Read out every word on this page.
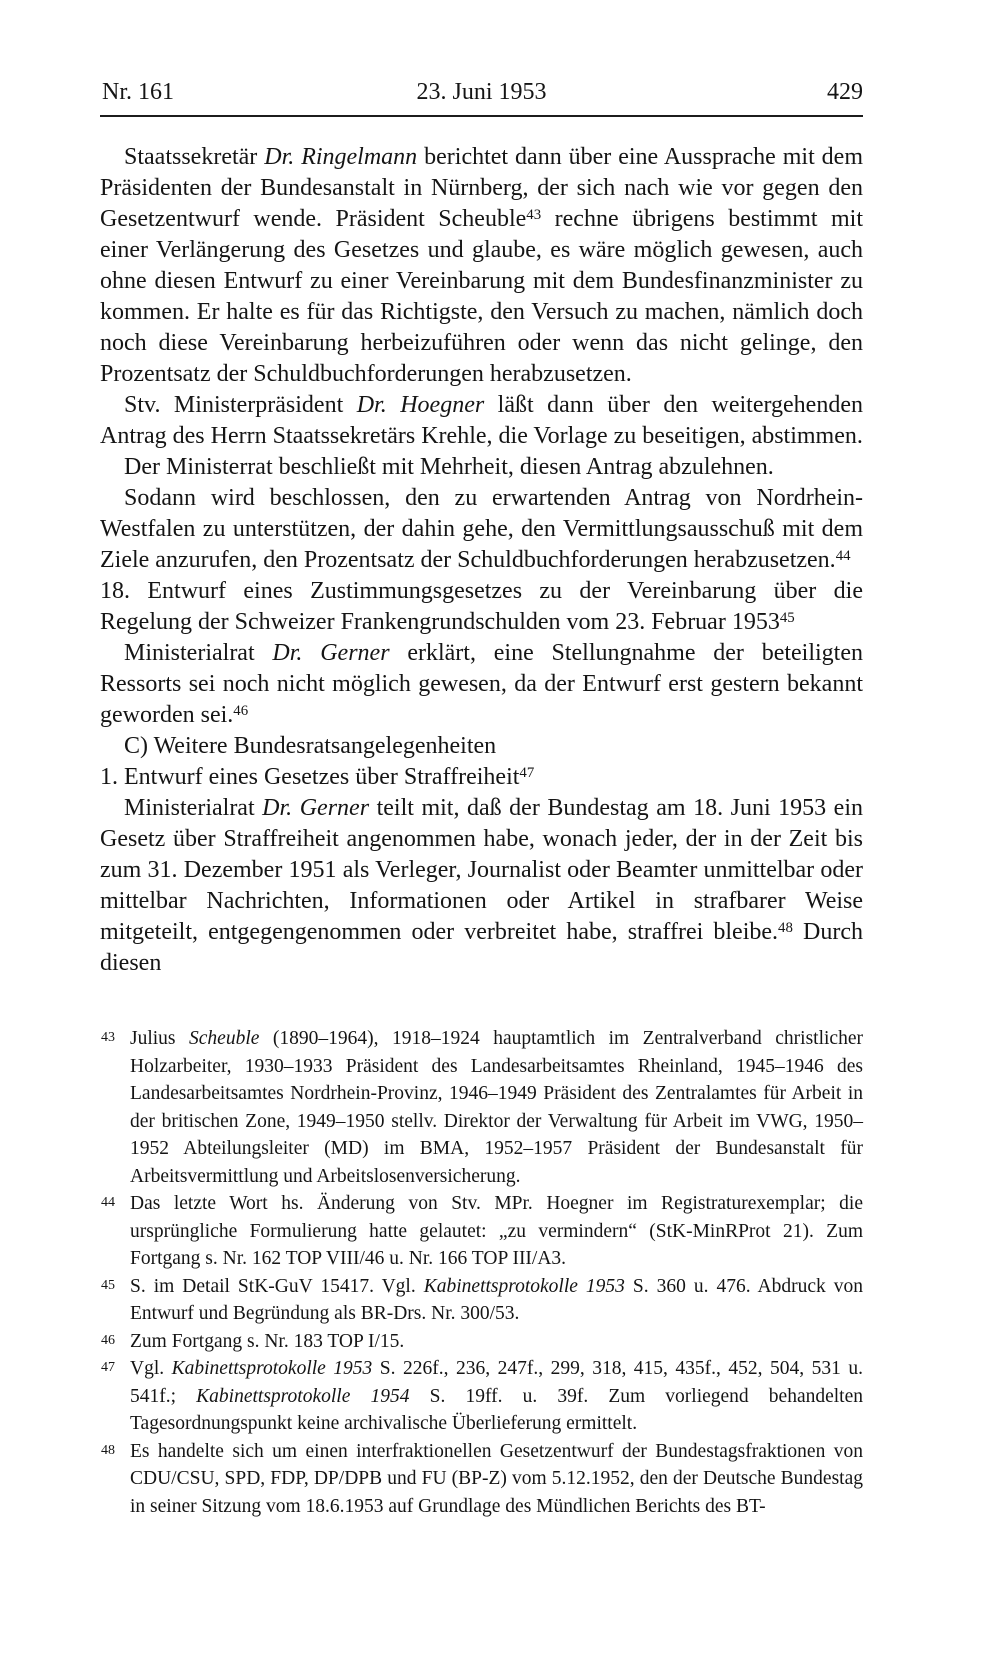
Nr. 161	23. Juni 1953	429

Staatssekretär Dr. Ringelmann berichtet dann über eine Aussprache mit dem Präsidenten der Bundesanstalt in Nürnberg, der sich nach wie vor gegen den Gesetzentwurf wende. Präsident Scheuble$^{43}$ rechne übrigens bestimmt mit einer Verlängerung des Gesetzes und glaube, es wäre möglich gewesen, auch ohne diesen Entwurf zu einer Vereinbarung mit dem Bundesfinanzminister zu kommen. Er halte es für das Richtigste, den Versuch zu machen, nämlich doch noch diese Vereinbarung herbeizuführen oder wenn das nicht gelinge, den Prozentsatz der Schuldbuchforderungen herabzusetzen.

Stv. Ministerpräsident Dr. Hoegner läßt dann über den weitergehenden Antrag des Herrn Staatssekretärs Krehle, die Vorlage zu beseitigen, abstimmen.

Der Ministerrat beschließt mit Mehrheit, diesen Antrag abzulehnen.

Sodann wird beschlossen, den zu erwartenden Antrag von Nordrhein-Westfalen zu unterstützen, der dahin gehe, den Vermittlungsausschuß mit dem Ziele anzurufen, den Prozentsatz der Schuldbuchforderungen herabzusetzen.$^{44}$

18. Entwurf eines Zustimmungsgesetzes zu der Vereinbarung über die Regelung der Schweizer Frankengrundschulden vom 23. Februar 1953$^{45}$

Ministerialrat Dr. Gerner erklärt, eine Stellungnahme der beteiligten Ressorts sei noch nicht möglich gewesen, da der Entwurf erst gestern bekannt geworden sei.$^{46}$

C) Weitere Bundesratsangelegenheiten

1. Entwurf eines Gesetzes über Straffreiheit$^{47}$

Ministerialrat Dr. Gerner teilt mit, daß der Bundestag am 18. Juni 1953 ein Gesetz über Straffreiheit angenommen habe, wonach jeder, der in der Zeit bis zum 31. Dezember 1951 als Verleger, Journalist oder Beamter unmittelbar oder mittelbar Nachrichten, Informationen oder Artikel in strafbarer Weise mitgeteilt, entgegengenommen oder verbreitet habe, straffrei bleibe.$^{48}$ Durch diesen

43 Julius Scheuble (1890–1964), 1918–1924 hauptamtlich im Zentralverband christlicher Holzarbeiter, 1930–1933 Präsident des Landesarbeitsamtes Rheinland, 1945–1946 des Landesarbeitsamtes Nordrhein-Provinz, 1946–1949 Präsident des Zentralamtes für Arbeit in der britischen Zone, 1949–1950 stellv. Direktor der Verwaltung für Arbeit im VWG, 1950–1952 Abteilungsleiter (MD) im BMA, 1952–1957 Präsident der Bundesanstalt für Arbeitsvermittlung und Arbeitslosenversicherung.
44 Das letzte Wort hs. Änderung von Stv. MPr. Hoegner im Registraturexemplar; die ursprüngliche Formulierung hatte gelautet: „zu vermindern“ (StK-MinRProt 21). Zum Fortgang s. Nr. 162 TOP VIII/46 u. Nr. 166 TOP III/A3.
45 S. im Detail StK-GuV 15417. Vgl. Kabinettsprotokolle 1953 S. 360 u. 476. Abdruck von Entwurf und Begründung als BR-Drs. Nr. 300/53.
46 Zum Fortgang s. Nr. 183 TOP I/15.
47 Vgl. Kabinettsprotokolle 1953 S. 226f., 236, 247f., 299, 318, 415, 435f., 452, 504, 531 u. 541f.; Kabinettsprotokolle 1954 S. 19ff. u. 39f. Zum vorliegend behandelten Tagesordnungspunkt keine archivalische Überlieferung ermittelt.
48 Es handelte sich um einen interfraktionellen Gesetzentwurf der Bundestagsfraktionen von CDU/CSU, SPD, FDP, DP/DPB und FU (BP-Z) vom 5.12.1952, den der Deutsche Bundestag in seiner Sitzung vom 18.6.1953 auf Grundlage des Mündlichen Berichts des BT-
